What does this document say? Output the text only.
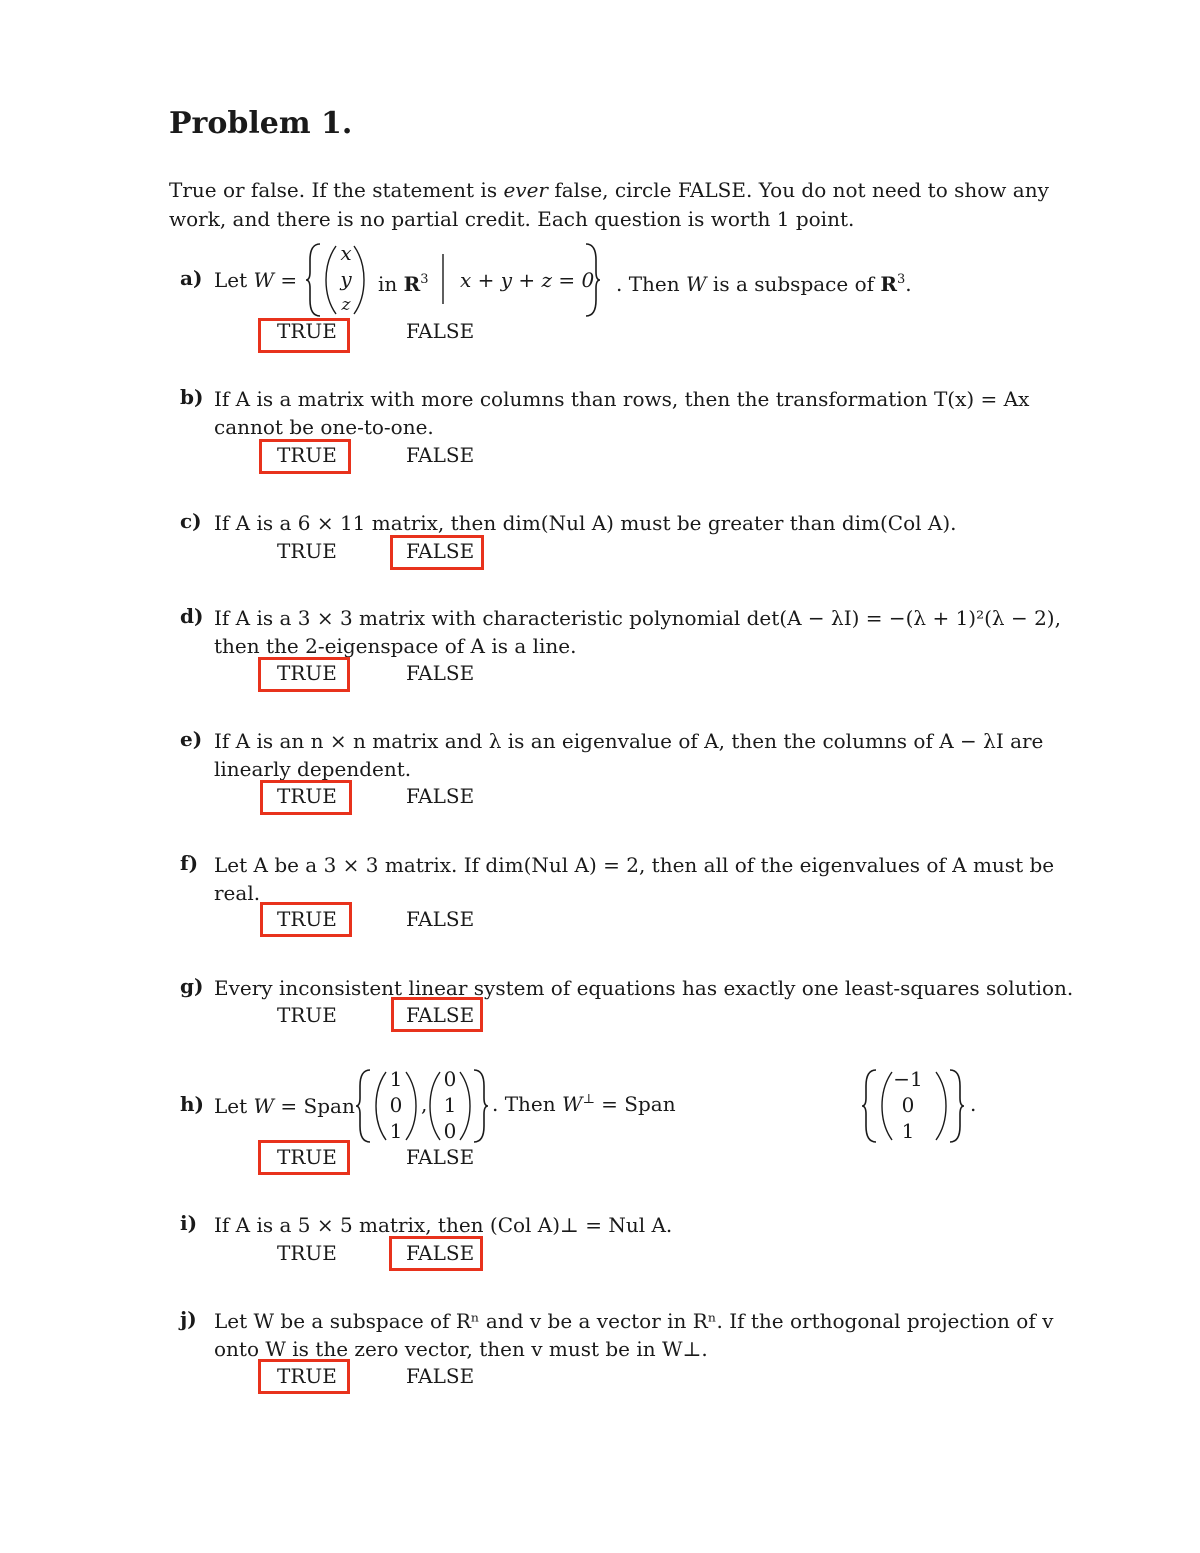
Problem 1.
True or false. If the statement is ever false, circle FALSE. You do not need to show any
work, and there is no partial credit. Each question is worth 1 point.
a) Let W =
x
y
z
in $R^3$ x + y + z = 0 . Then W is a subspace of $R^3$.
TRUE	FALSE
b) If A is a matrix with more columns than rows, then the transformation T(x) = Ax
cannot be one-to-one.
TRUE	FALSE
c) If A is a 6 × 11 matrix, then dim(Nul A) must be greater than dim(Col A).
TRUE	FALSE
d) If A is a 3 × 3 matrix with characteristic polynomial det(A − λI) = −(λ + 1)²(λ − 2),
then the 2-eigenspace of A is a line.
TRUE	FALSE
e) If A is an n × n matrix and λ is an eigenvalue of A, then the columns of A − λI are
linearly dependent.
TRUE	FALSE
f) Let A be a 3 × 3 matrix. If dim(Nul A) = 2, then all of the eigenvalues of A must be
real.
TRUE	FALSE
g) Every inconsistent linear system of equations has exactly one least-squares solution.
TRUE	FALSE
h) Let W = Span
1
0
1
,
0
1
0
. Then W⊥ = Span
−1
0
1
.
TRUE	FALSE
i) If A is a 5 × 5 matrix, then (Col A)⊥ = Nul A.
TRUE	FALSE
j) Let W be a subspace of Rⁿ and v be a vector in Rⁿ. If the orthogonal projection of v
onto W is the zero vector, then v must be in W⊥.
TRUE	FALSE
